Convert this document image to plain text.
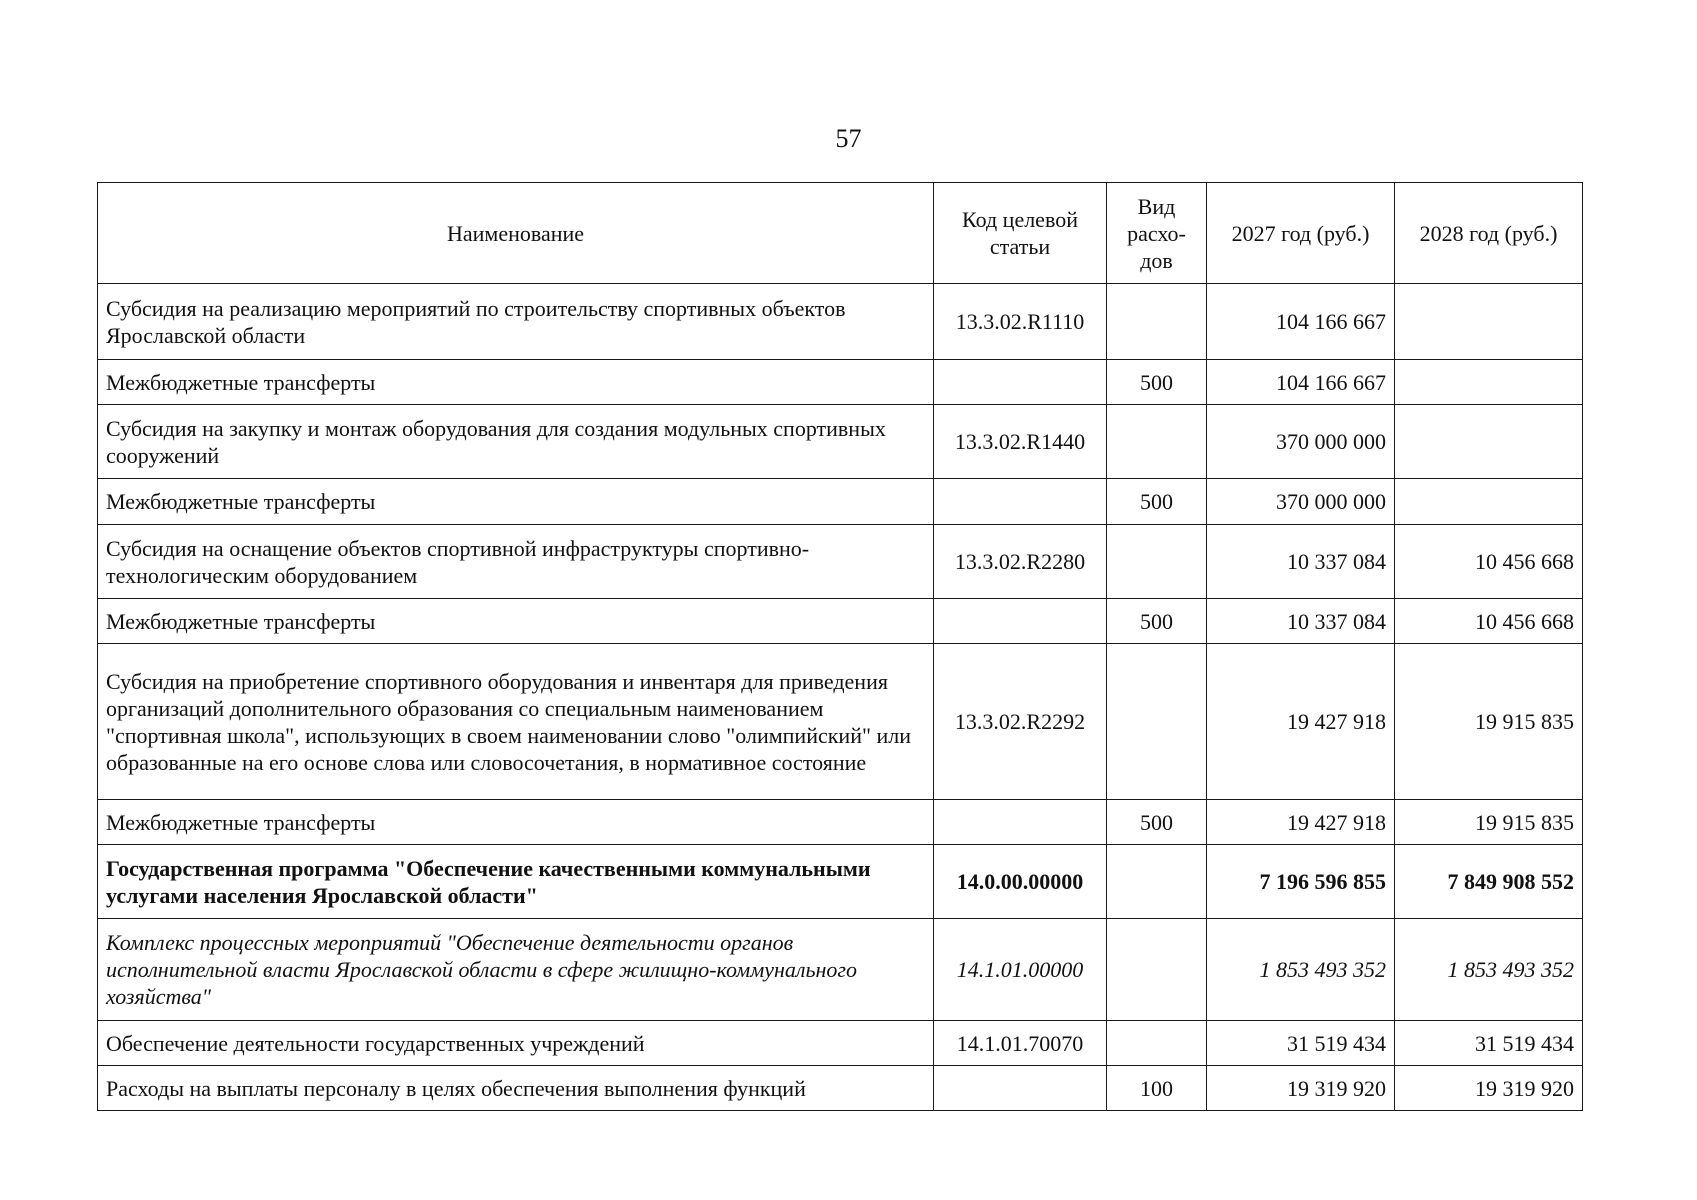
57
Наименование	Код целевой статьи	Вид расхо-дов	2027 год (руб.)	2028 год (руб.)
Субсидия на реализацию мероприятий по строительству спортивных объектов Ярославской области	13.3.02.R1110		104 166 667	
Межбюджетные трансферты		500	104 166 667	
Субсидия на закупку и монтаж оборудования для создания модульных спортивных сооружений	13.3.02.R1440		370 000 000	
Межбюджетные трансферты		500	370 000 000	
Субсидия на оснащение объектов спортивной инфраструктуры спортивно-технологическим оборудованием	13.3.02.R2280		10 337 084	10 456 668
Межбюджетные трансферты		500	10 337 084	10 456 668
Субсидия на приобретение спортивного оборудования и инвентаря для приведения организаций дополнительного образования со специальным наименованием "спортивная школа", использующих в своем наименовании слово "олимпийский" или образованные на его основе слова или словосочетания, в нормативное состояние	13.3.02.R2292		19 427 918	19 915 835
Межбюджетные трансферты		500	19 427 918	19 915 835
Государственная программа "Обеспечение качественными коммунальными услугами населения Ярославской области"	14.0.00.00000		7 196 596 855	7 849 908 552
Комплекс процессных мероприятий "Обеспечение деятельности органов исполнительной власти Ярославской области в сфере жилищно-коммунального хозяйства"	14.1.01.00000		1 853 493 352	1 853 493 352
Обеспечение деятельности государственных учреждений	14.1.01.70070		31 519 434	31 519 434
Расходы на выплаты персоналу в целях обеспечения выполнения функций		100	19 319 920	19 319 920
